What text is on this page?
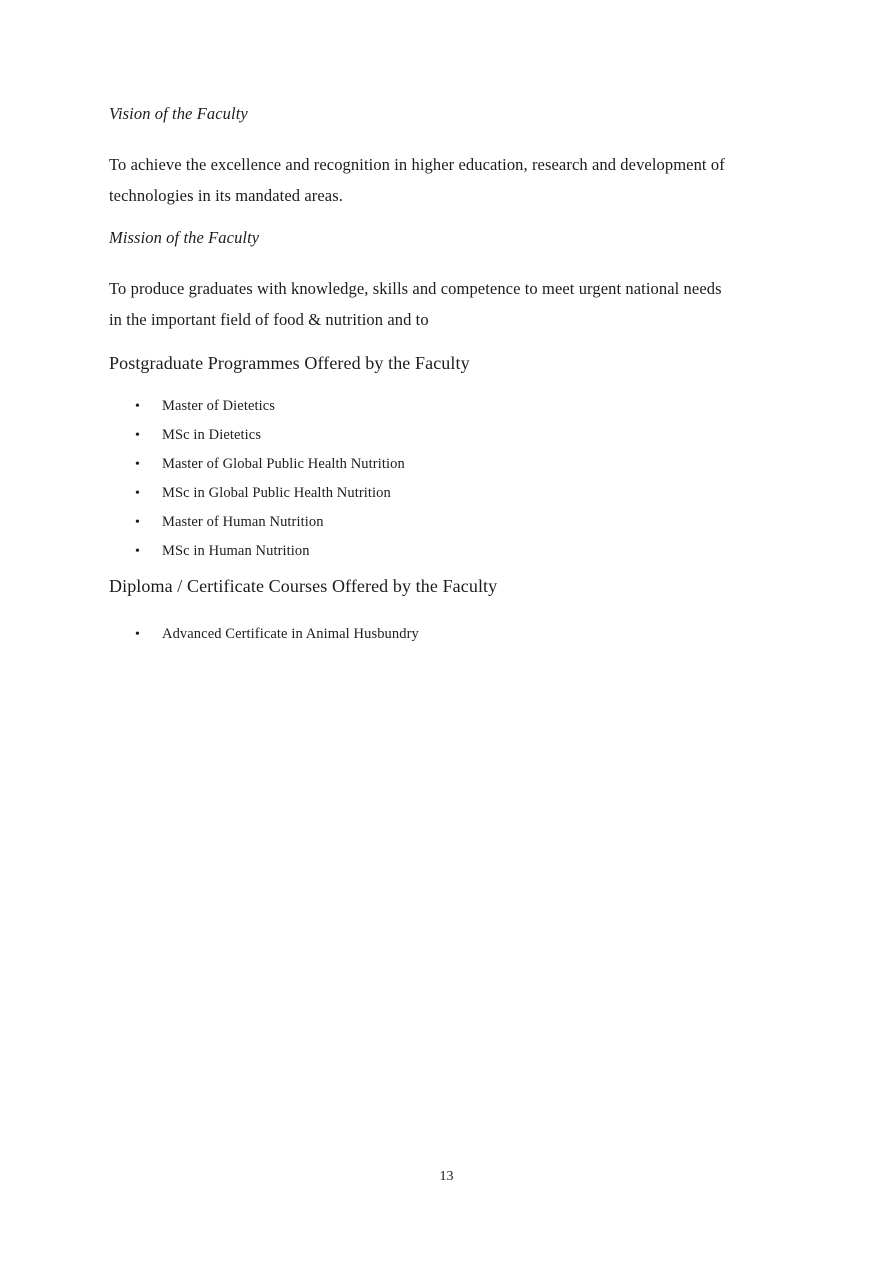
Vision of the Faculty

To achieve the excellence and recognition in higher education, research and development of
technologies in its mandated areas.

Mission of the Faculty

To produce graduates with knowledge, skills and competence to meet urgent national needs
in the important field of food & nutrition and to

Postgraduate Programmes Offered by the Faculty
• Master of Dietetics
• MSc in Dietetics
• Master of Global Public Health Nutrition
• MSc in Global Public Health Nutrition
• Master of Human Nutrition
• MSc in Human Nutrition
Diploma / Certificate Courses Offered by the Faculty
• Advanced Certificate in Animal Husbundry
13
